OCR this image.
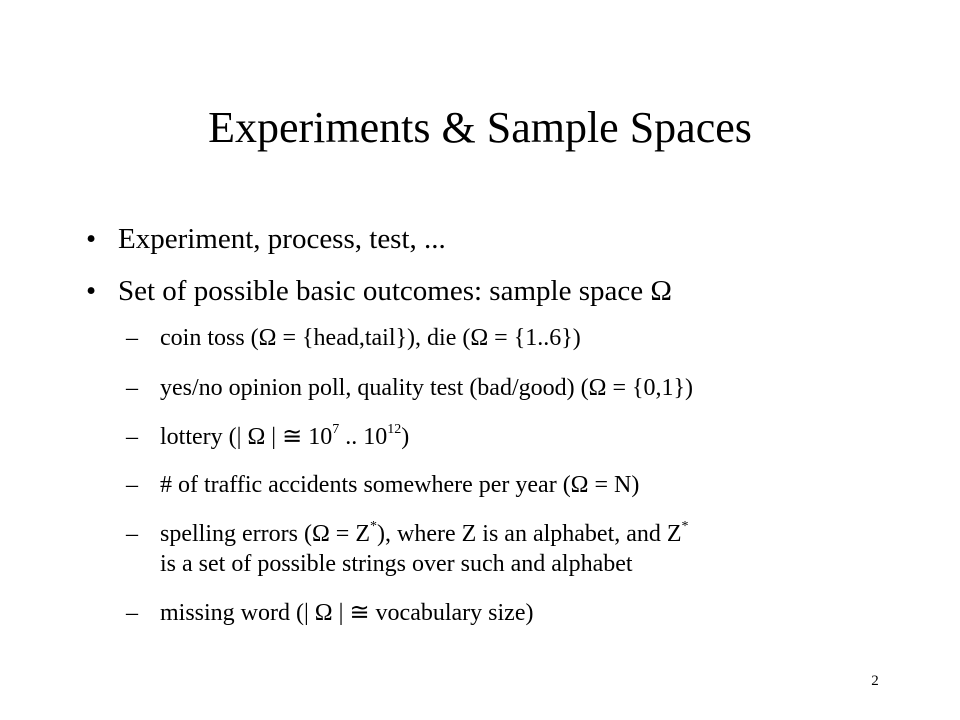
Experiments & Sample Spaces
• Experiment, process, test, ...
• Set of possible basic outcomes: sample space Ω
– coin toss (Ω = {head,tail}), die (Ω = {1..6})
– yes/no opinion poll, quality test (bad/good) (Ω = {0,1})
– lottery (| Ω | ≅ $10^7$ .. $10^{12}$)
– # of traffic accidents somewhere per year (Ω = N)
– spelling errors (Ω = Z*), where Z is an alphabet, and Z*
is a set of possible strings over such and alphabet
– missing word (| Ω | ≅ vocabulary size)
2
